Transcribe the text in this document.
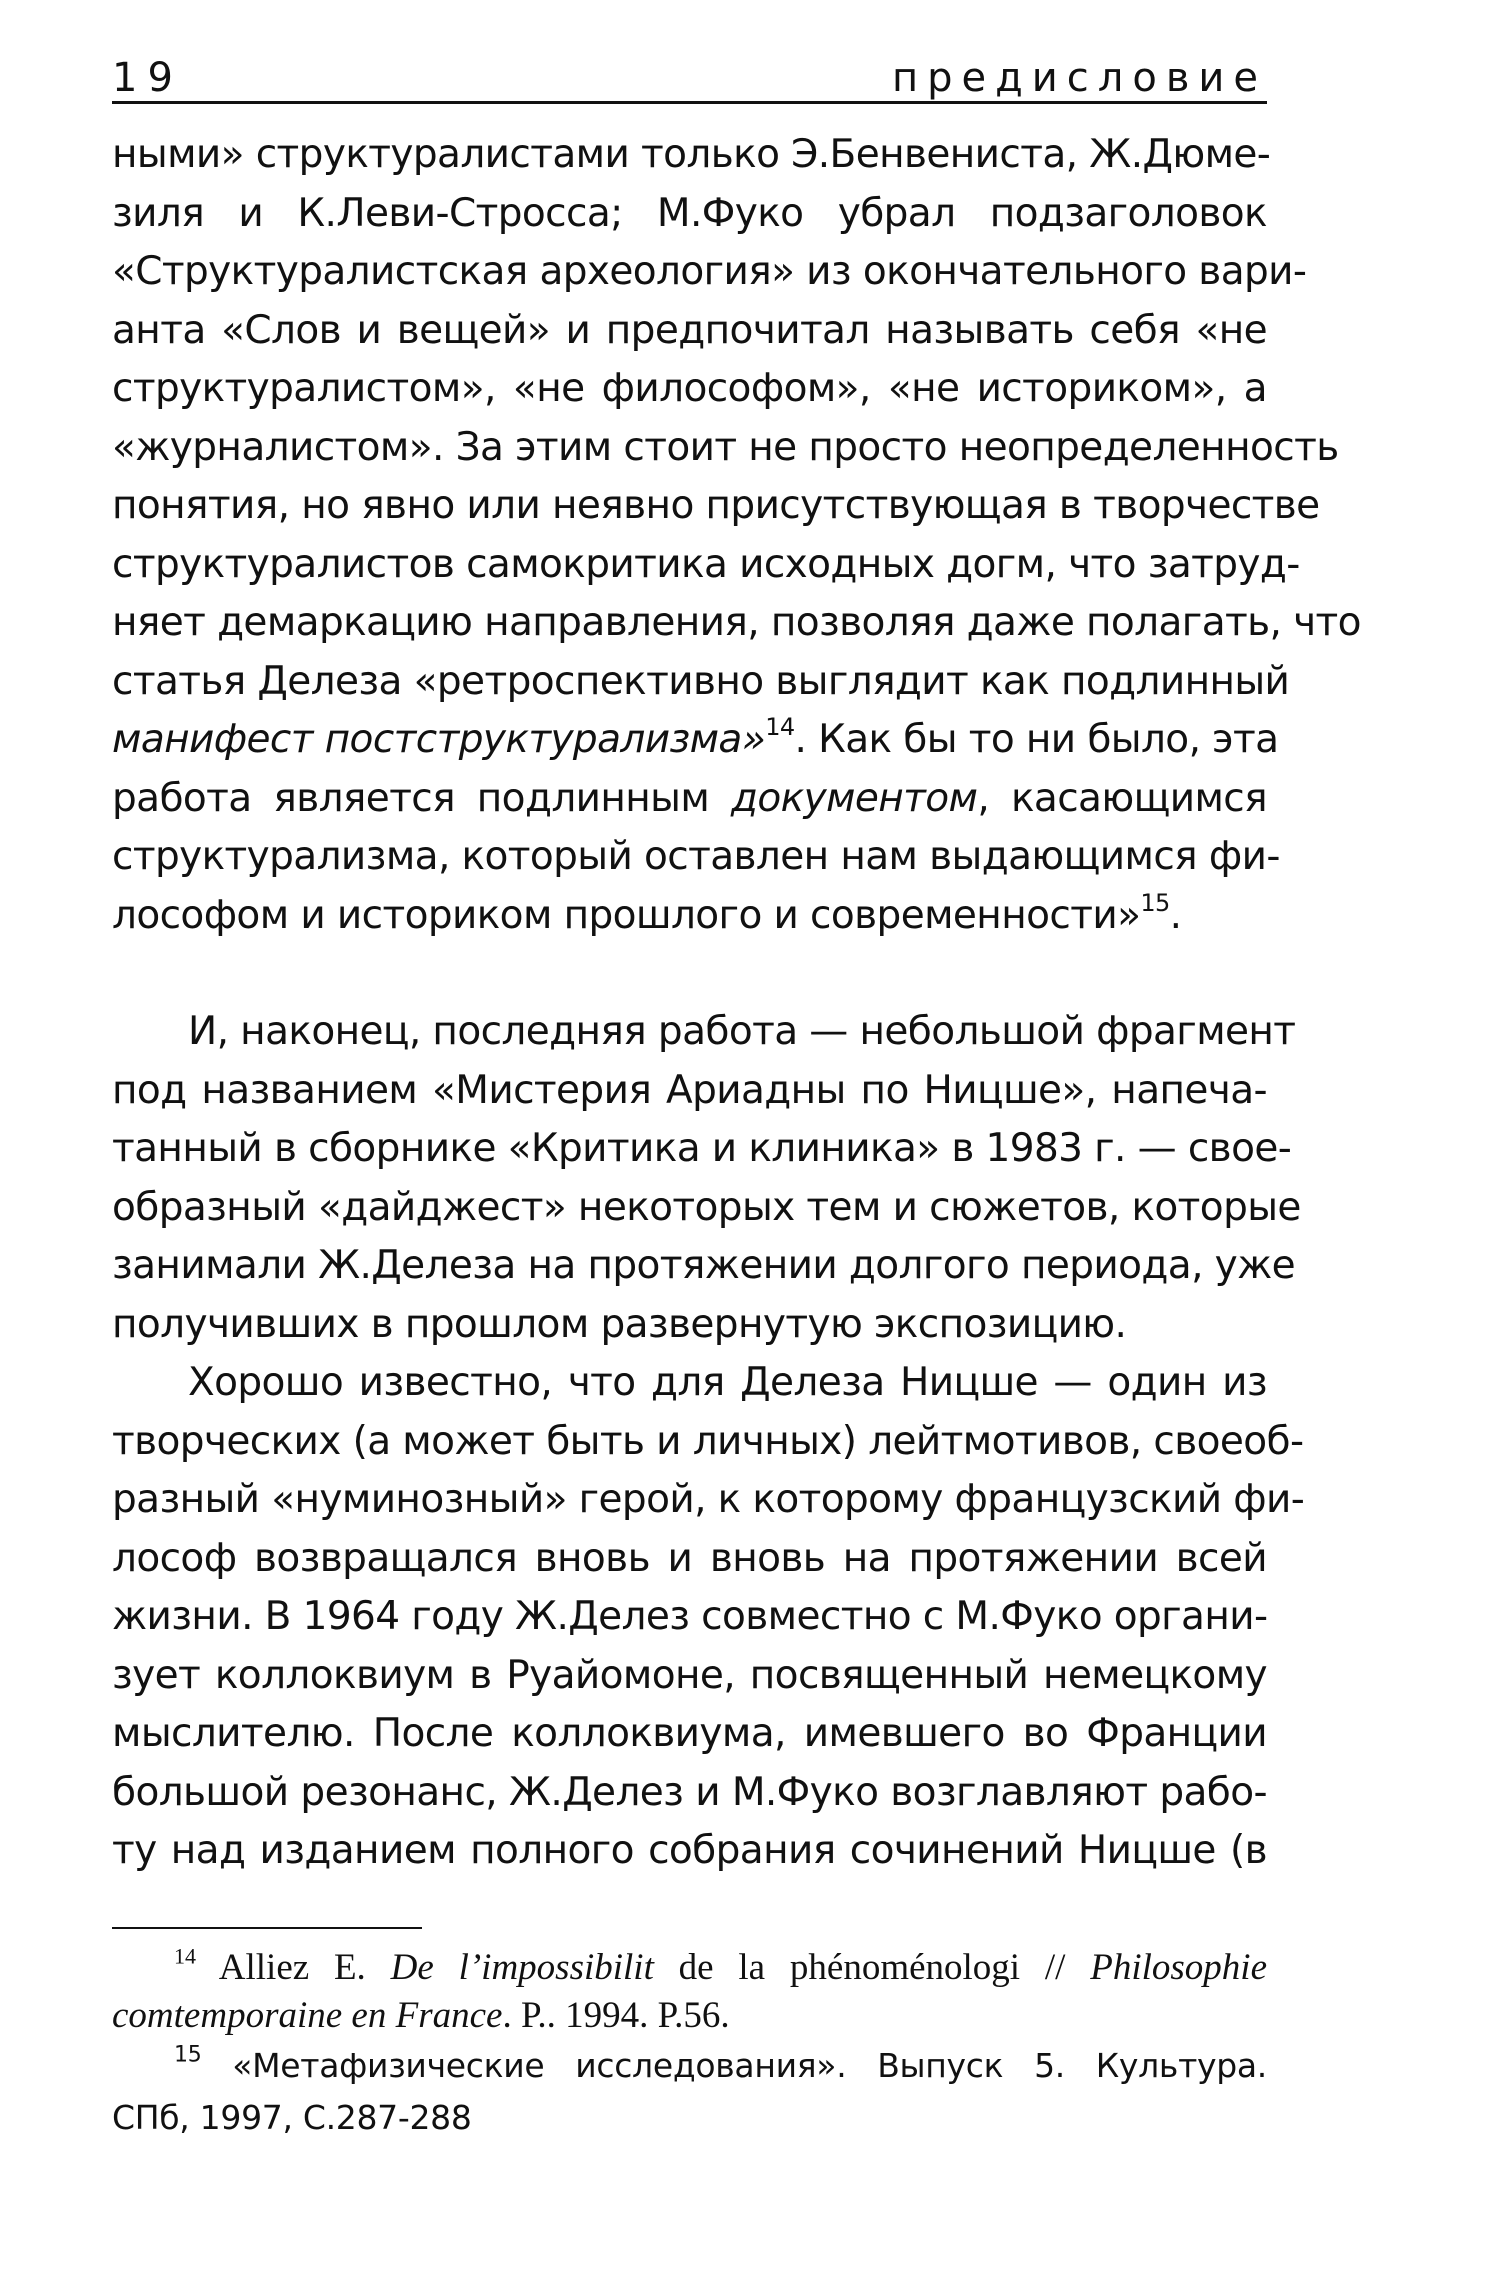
19	предисловие

ными» структуралистами только Э.Бенвениста, Ж.Дюме-
зиля и К.Леви-Стросса; М.Фуко убрал подзаголовок
«Структуралистская археология» из окончательного вари-
анта «Слов и вещей» и предпочитал называть себя «не
структуралистом», «не философом», «не историком», а
«журналистом». За этим стоит не просто неопределенность
понятия, но явно или неявно присутствующая в творчестве
структуралистов самокритика исходных догм, что затруд-
няет демаркацию направления, позволяя даже полагать, что
статья Делеза «ретроспективно выглядит как подлинный
манифест постструктурализма»$^{14}$. Как бы то ни было, эта
работа является подлинным документом, касающимся
структурализма, который оставлен нам выдающимся фи-
лософом и историком прошлого и современности»$^{15}$.

И, наконец, последняя работа — небольшой фрагмент
под названием «Мистерия Ариадны по Ницше», напеча-
танный в сборнике «Критика и клиника» в 1983 г. — свое-
образный «дайджест» некоторых тем и сюжетов, которые
занимали Ж.Делеза на протяжении долгого периода, уже
получивших в прошлом развернутую экспозицию.

Хорошо известно, что для Делеза Ницше — один из
творческих (а может быть и личных) лейтмотивов, своеоб-
разный «нуминозный» герой, к которому французский фи-
лософ возвращался вновь и вновь на протяжении всей
жизни. В 1964 году Ж.Делез совместно с М.Фуко органи-
зует коллоквиум в Руайомоне, посвященный немецкому
мыслителю. После коллоквиума, имевшего во Франции
большой резонанс, Ж.Делез и М.Фуко возглавляют рабо-
ту над изданием полного собрания сочинений Ницше (в

$^{14}$ Alliez E. De l’impossibilit de la phénoménologi // Philosophie
comtemporaine en France. P.. 1994. P.56.
$^{15}$ «Метафизические исследования». Выпуск 5. Культура.
СПб, 1997, С.287-288
